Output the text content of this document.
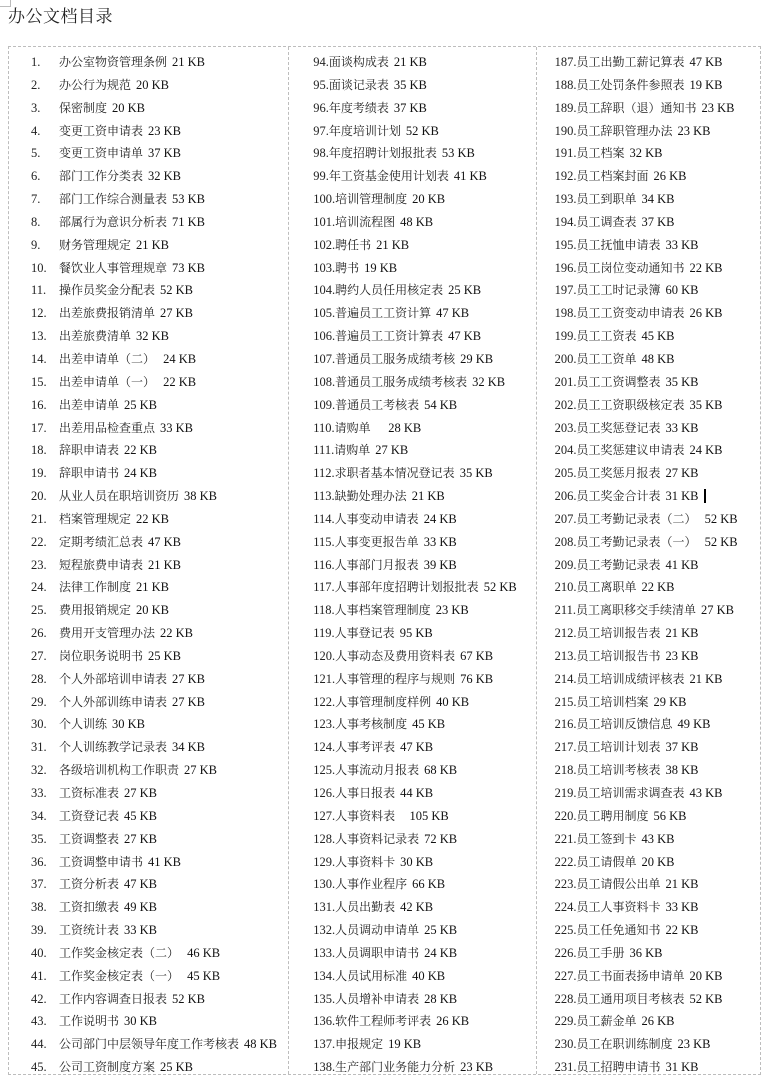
办公文档目录
1.	办公室物资管理条例 21 KB
2.	办公行为规范 20 KB
3.	保密制度 20 KB
4.	变更工资申请表 23 KB
5.	变更工资申请单 37 KB
6.	部门工作分类表 32 KB
7.	部门工作综合测量表 53 KB
8.	部属行为意识分析表 71 KB
9.	财务管理规定 21 KB
10.	餐饮业人事管理规章 73 KB
11.	操作员奖金分配表 52 KB
12.	出差旅费报销清单 27 KB
13.	出差旅费清单 32 KB
14.	出差申请单（二） 24 KB
15.	出差申请单（一） 22 KB
16.	出差申请单 25 KB
17.	出差用品检查重点 33 KB
18.	辞职申请表 22 KB
19.	辞职申请书 24 KB
20.	从业人员在职培训资历 38 KB
21.	档案管理规定 22 KB
22.	定期考绩汇总表 47 KB
23.	短程旅费申请表 21 KB
24.	法律工作制度 21 KB
25.	费用报销规定 20 KB
26.	费用开支管理办法 22 KB
27.	岗位职务说明书 25 KB
28.	个人外部培训申请表 27 KB
29.	个人外部训练申请表 27 KB
30.	个人训练 30 KB
31.	个人训练教学记录表 34 KB
32.	各级培训机构工作职责 27 KB
33.	工资标准表 27 KB
34.	工资登记表 45 KB
35.	工资调整表 27 KB
36.	工资调整申请书 41 KB
37.	工资分析表 47 KB
38.	工资扣缴表 49 KB
39.	工资统计表 33 KB
40.	工作奖金核定表（二） 46 KB
41.	工作奖金核定表（一） 45 KB
42.	工作内容调查日报表 52 KB
43.	工作说明书 30 KB
44.	公司部门中层领导年度工作考核表 48 KB
45.	公司工资制度方案 25 KB
94. 面谈构成表 21 KB
95. 面谈记录表 35 KB
96. 年度考绩表 37 KB
97. 年度培训计划 52 KB
98. 年度招聘计划报批表 53 KB
99. 年工资基金使用计划表 41 KB
100. 培训管理制度 20 KB
101. 培训流程图 48 KB
102. 聘任书 21 KB
103. 聘书 19 KB
104. 聘约人员任用核定表 25 KB
105. 普遍员工工资计算 47 KB
106. 普遍员工工资计算表 47 KB
107. 普通员工服务成绩考核 29 KB
108. 普通员工服务成绩考核表 32 KB
109. 普通员工考核表 54 KB
110. 请购单 28 KB
111. 请购单 27 KB
112. 求职者基本情况登记表 35 KB
113. 缺勤处理办法 21 KB
114. 人事变动申请表 24 KB
115. 人事变更报告单 33 KB
116. 人事部门月报表 39 KB
117. 人事部年度招聘计划报批表 52 KB
118. 人事档案管理制度 23 KB
119. 人事登记表 95 KB
120. 人事动态及费用资料表 67 KB
121. 人事管理的程序与规则 76 KB
122. 人事管理制度样例 40 KB
123. 人事考核制度 45 KB
124. 人事考评表 47 KB
125. 人事流动月报表 68 KB
126. 人事日报表 44 KB
127. 人事资料表 105 KB
128. 人事资料记录表 72 KB
129. 人事资料卡 30 KB
130. 人事作业程序 66 KB
131. 人员出勤表 42 KB
132. 人员调动申请单 25 KB
133. 人员调职申请书 24 KB
134. 人员试用标准 40 KB
135. 人员增补申请表 28 KB
136. 软件工程师考评表 26 KB
137. 申报规定 19 KB
138. 生产部门业务能力分析 23 KB
187. 员工出勤工薪记算表 47 KB
188. 员工处罚条件参照表 19 KB
189. 员工辞职（退）通知书 23 KB
190. 员工辞职管理办法 23 KB
191. 员工档案 32 KB
192. 员工档案封面 26 KB
193. 员工到职单 34 KB
194. 员工调查表 37 KB
195. 员工抚恤申请表 33 KB
196. 员工岗位变动通知书 22 KB
197. 员工工时记录簿 60 KB
198. 员工工资变动申请表 26 KB
199. 员工工资表 45 KB
200. 员工工资单 48 KB
201. 员工工资调整表 35 KB
202. 员工工资职级核定表 35 KB
203. 员工奖惩登记表 33 KB
204. 员工奖惩建议申请表 24 KB
205. 员工奖惩月报表 27 KB
206. 员工奖金合计表 31 KB
207. 员工考勤记录表（二） 52 KB
208. 员工考勤记录表（一） 52 KB
209. 员工考勤记录表 41 KB
210. 员工离职单 22 KB
211. 员工离职移交手续清单 27 KB
212. 员工培训报告表 21 KB
213. 员工培训报告书 23 KB
214. 员工培训成绩评核表 21 KB
215. 员工培训档案 29 KB
216. 员工培训反馈信息 49 KB
217. 员工培训计划表 37 KB
218. 员工培训考核表 38 KB
219. 员工培训需求调查表 43 KB
220. 员工聘用制度 56 KB
221. 员工签到卡 43 KB
222. 员工请假单 20 KB
223. 员工请假公出单 21 KB
224. 员工人事资料卡 33 KB
225. 员工任免通知书 22 KB
226. 员工手册 36 KB
227. 员工书面表扬申请单 20 KB
228. 员工通用项目考核表 52 KB
229. 员工薪金单 26 KB
230. 员工在职训练制度 23 KB
231. 员工招聘申请书 31 KB
